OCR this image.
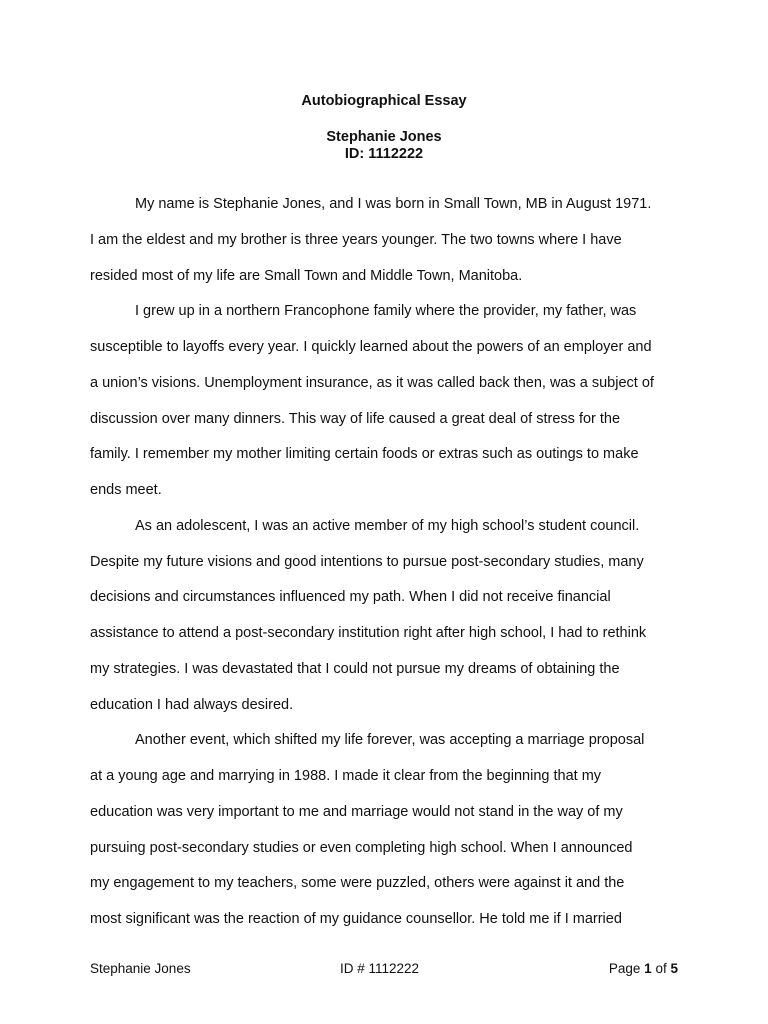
Autobiographical Essay
Stephanie Jones
ID: 1112222
My name is Stephanie Jones, and I was born in Small Town, MB in August 1971.
I am the eldest and my brother is three years younger. The two towns where I have
resided most of my life are Small Town and Middle Town, Manitoba.
I grew up in a northern Francophone family where the provider, my father, was
susceptible to layoffs every year. I quickly learned about the powers of an employer and
a union’s visions. Unemployment insurance, as it was called back then, was a subject of
discussion over many dinners. This way of life caused a great deal of stress for the
family. I remember my mother limiting certain foods or extras such as outings to make
ends meet.
As an adolescent, I was an active member of my high school’s student council.
Despite my future visions and good intentions to pursue post-secondary studies, many
decisions and circumstances influenced my path. When I did not receive financial
assistance to attend a post-secondary institution right after high school, I had to rethink
my strategies. I was devastated that I could not pursue my dreams of obtaining the
education I had always desired.
Another event, which shifted my life forever, was accepting a marriage proposal
at a young age and marrying in 1988. I made it clear from the beginning that my
education was very important to me and marriage would not stand in the way of my
pursuing post-secondary studies or even completing high school. When I announced
my engagement to my teachers, some were puzzled, others were against it and the
most significant was the reaction of my guidance counsellor. He told me if I married
Stephanie Jones	ID # 1112222	Page 1 of 5
